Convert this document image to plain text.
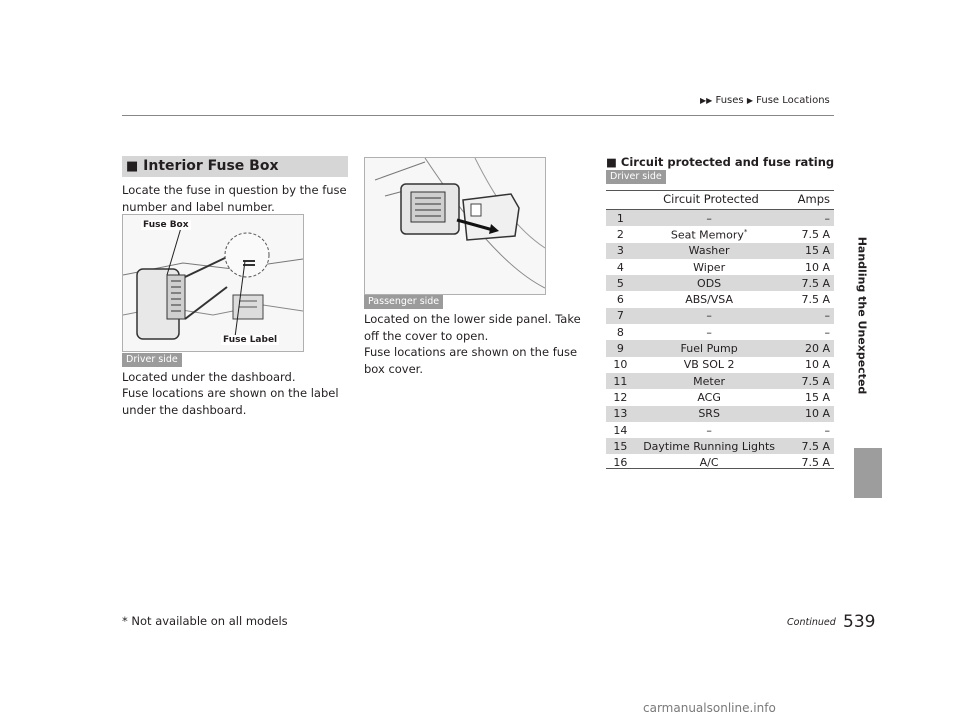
▶▶ Fuses ▶ Fuse Locations
Handling the Unexpected
■ Interior Fuse Box
Locate the fuse in question by the fuse number and label number.
Fuse Box
Fuse Label
Driver side
Located under the dashboard.
Fuse locations are shown on the label under the dashboard.
Passenger side
Located on the lower side panel. Take off the cover to open.
Fuse locations are shown on the fuse box cover.
■ Circuit protected and fuse rating
Driver side
Circuit Protected	Amps
1	–	–
2	Seat Memory*	7.5 A
3	Washer	15 A
4	Wiper	10 A
5	ODS	7.5 A
6	ABS/VSA	7.5 A
7	–	–
8	–	–
9	Fuel Pump	20 A
10	VB SOL 2	10 A
11	Meter	7.5 A
12	ACG	15 A
13	SRS	10 A
14	–	–
15	Daytime Running Lights	7.5 A
16	A/C	7.5 A
* Not available on all models	Continued 539
carmanualsonline.info
